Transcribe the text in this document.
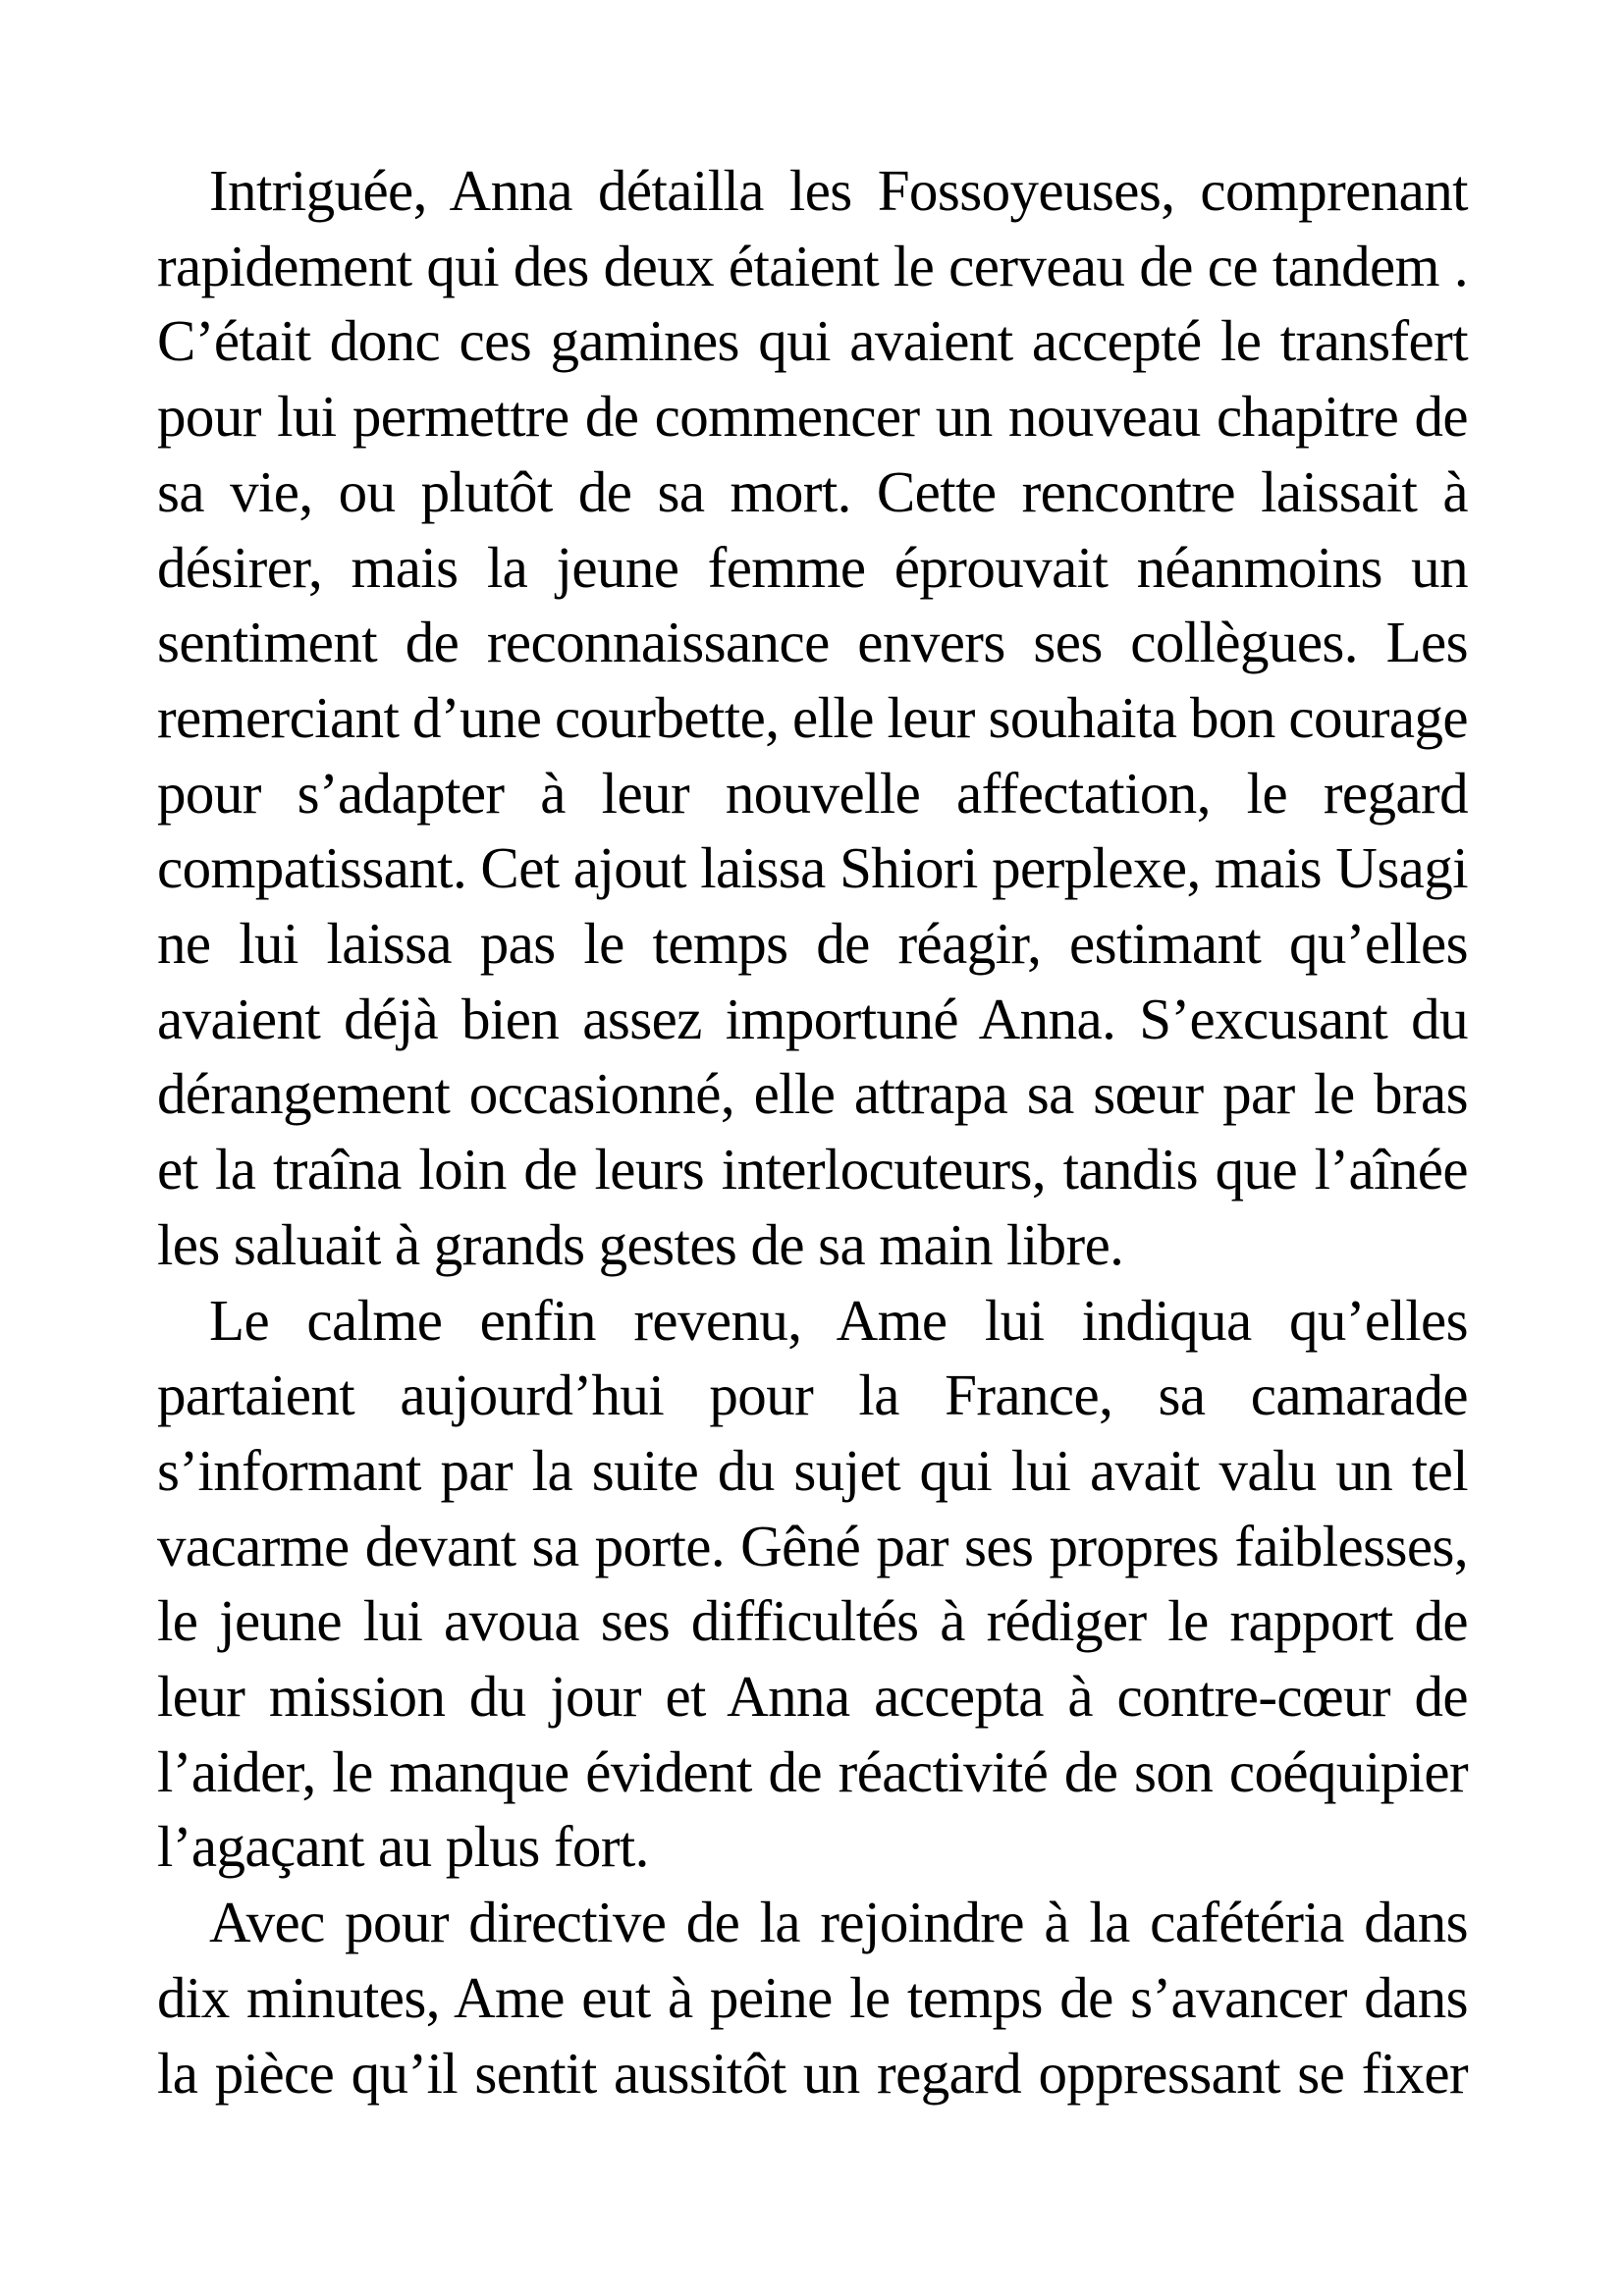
Intriguée, Anna détailla les Fossoyeuses, comprenant
rapidement qui des deux étaient le cerveau de ce tandem .
C’était donc ces gamines qui avaient accepté le transfert
pour lui permettre de commencer un nouveau chapitre de
sa vie, ou plutôt de sa mort. Cette rencontre laissait à
désirer, mais la jeune femme éprouvait néanmoins un
sentiment de reconnaissance envers ses collègues. Les
remerciant d’une courbette, elle leur souhaita bon courage
pour s’adapter à leur nouvelle affectation, le regard
compatissant. Cet ajout laissa Shiori perplexe, mais Usagi
ne lui laissa pas le temps de réagir, estimant qu’elles
avaient déjà bien assez importuné Anna. S’excusant du
dérangement occasionné, elle attrapa sa sœur par le bras
et la traîna loin de leurs interlocuteurs, tandis que l’aînée
les saluait à grands gestes de sa main libre.
Le calme enfin revenu, Ame lui indiqua qu’elles
partaient aujourd’hui pour la France, sa camarade
s’informant par la suite du sujet qui lui avait valu un tel
vacarme devant sa porte. Gêné par ses propres faiblesses,
le jeune lui avoua ses difficultés à rédiger le rapport de
leur mission du jour et Anna accepta à contre-cœur de
l’aider, le manque évident de réactivité de son coéquipier
l’agaçant au plus fort.
Avec pour directive de la rejoindre à la cafétéria dans
dix minutes, Ame eut à peine le temps de s’avancer dans
la pièce qu’il sentit aussitôt un regard oppressant se fixer
